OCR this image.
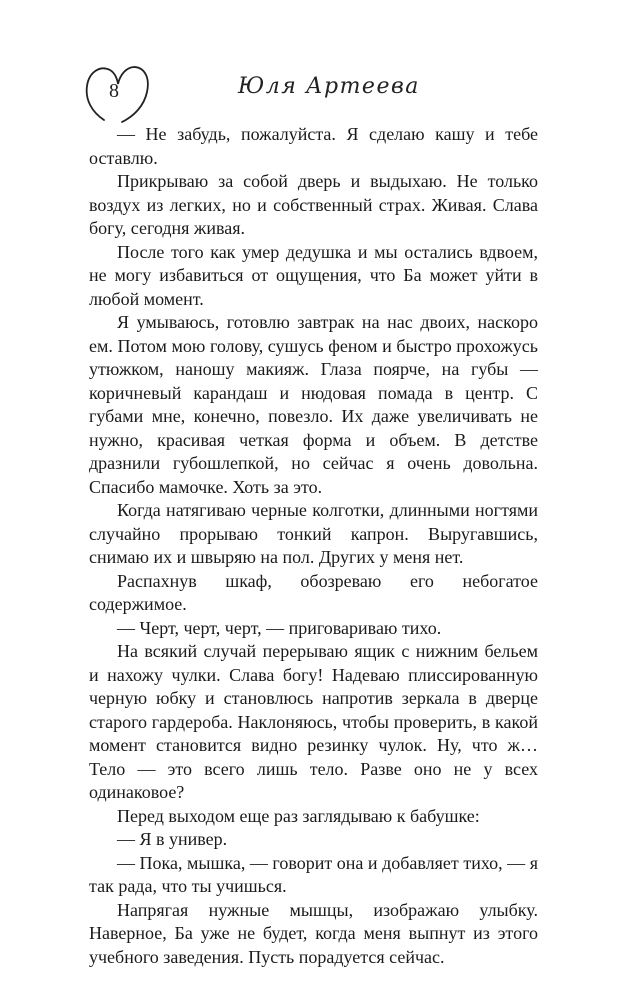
8	Юля Артеева

— Не забудь, пожалуйста. Я сделаю кашу и тебе оставлю.

Прикрываю за собой дверь и выдыхаю. Не только воздух из легких, но и собственный страх. Живая. Слава богу, сегодня живая.

После того как умер дедушка и мы остались вдвоем, не могу избавиться от ощущения, что Ба может уйти в любой момент.

Я умываюсь, готовлю завтрак на нас двоих, наскоро ем. Потом мою голову, сушусь феном и быстро прохожусь утюжком, наношу макияж. Глаза поярче, на губы — коричневый карандаш и нюдовая помада в центр. С губами мне, конечно, повезло. Их даже увеличивать не нужно, красивая четкая форма и объем. В детстве дразнили губошлепкой, но сейчас я очень довольна. Спасибо мамочке. Хоть за это.

Когда натягиваю черные колготки, длинными ногтями случайно прорываю тонкий капрон. Выругавшись, снимаю их и швыряю на пол. Других у меня нет.

Распахнув шкаф, обозреваю его небогатое содержимое.

— Черт, черт, черт, — приговариваю тихо.

На всякий случай перерываю ящик с нижним бельем и нахожу чулки. Слава богу! Надеваю плиссированную черную юбку и становлюсь напротив зеркала в дверце старого гардероба. Наклоняюсь, чтобы проверить, в какой момент становится видно резинку чулок. Ну, что ж… Тело — это всего лишь тело. Разве оно не у всех одинаковое?

Перед выходом еще раз заглядываю к бабушке:

— Я в универ.

— Пока, мышка, — говорит она и добавляет тихо, — я так рада, что ты учишься.

Напрягая нужные мышцы, изображаю улыбку. Наверное, Ба уже не будет, когда меня выпнут из этого учебного заведения. Пусть порадуется сейчас.
